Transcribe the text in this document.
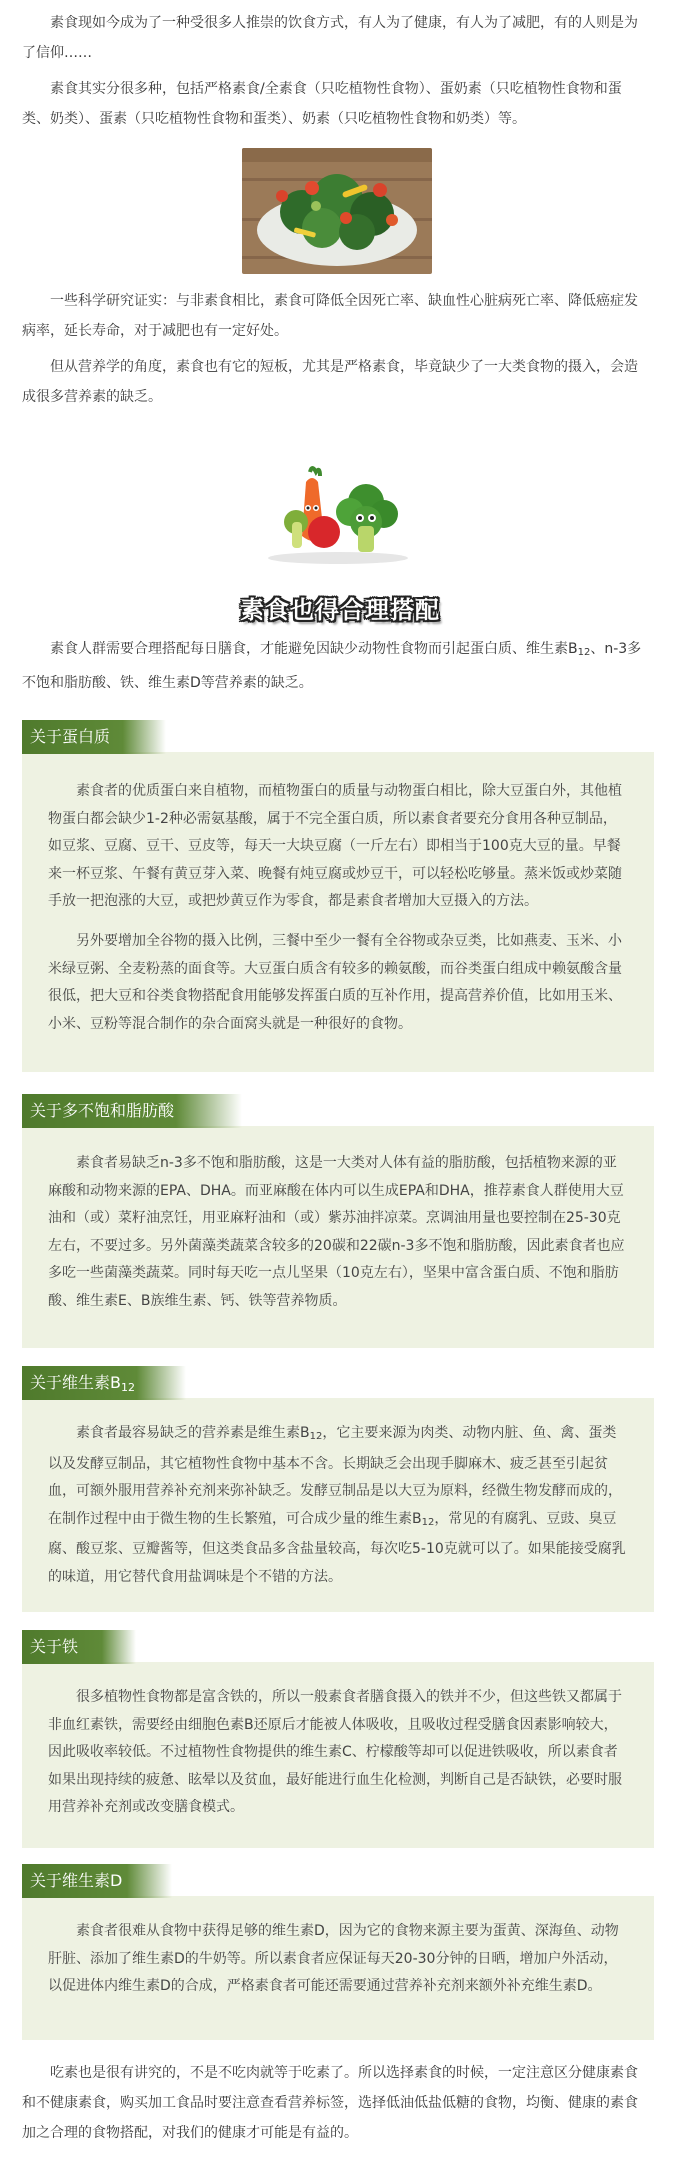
素食现如今成为了一种受很多人推崇的饮食方式，有人为了健康，有人为了减肥，有的人则是为了信仰……

素食其实分很多种，包括严格素食/全素食（只吃植物性食物）、蛋奶素（只吃植物性食物和蛋类、奶类）、蛋素（只吃植物性食物和蛋类）、奶素（只吃植物性食物和奶类）等。

一些科学研究证实：与非素食相比，素食可降低全因死亡率、缺血性心脏病死亡率、降低癌症发病率，延长寿命，对于减肥也有一定好处。

但从营养学的角度，素食也有它的短板，尤其是严格素食，毕竟缺少了一大类食物的摄入，会造成很多营养素的缺乏。

素食也得合理搭配

素食人群需要合理搭配每日膳食，才能避免因缺少动物性食物而引起蛋白质、维生素$B_{12}$、n-3多不饱和脂肪酸、铁、维生素D等营养素的缺乏。

关于蛋白质

素食者的优质蛋白来自植物，而植物蛋白的质量与动物蛋白相比，除大豆蛋白外，其他植物蛋白都会缺少1-2种必需氨基酸，属于不完全蛋白质，所以素食者要充分食用各种豆制品，如豆浆、豆腐、豆干、豆皮等，每天一大块豆腐（一斤左右）即相当于100克大豆的量。早餐来一杯豆浆、午餐有黄豆芽入菜、晚餐有炖豆腐或炒豆干，可以轻松吃够量。蒸米饭或炒菜随手放一把泡涨的大豆，或把炒黄豆作为零食，都是素食者增加大豆摄入的方法。

另外要增加全谷物的摄入比例，三餐中至少一餐有全谷物或杂豆类，比如燕麦、玉米、小米绿豆粥、全麦粉蒸的面食等。大豆蛋白质含有较多的赖氨酸，而谷类蛋白组成中赖氨酸含量很低，把大豆和谷类食物搭配食用能够发挥蛋白质的互补作用，提高营养价值，比如用玉米、小米、豆粉等混合制作的杂合面窝头就是一种很好的食物。

关于多不饱和脂肪酸

素食者易缺乏n-3多不饱和脂肪酸，这是一大类对人体有益的脂肪酸，包括植物来源的亚麻酸和动物来源的EPA、DHA。而亚麻酸在体内可以生成EPA和DHA，推荐素食人群使用大豆油和（或）菜籽油烹饪，用亚麻籽油和（或）紫苏油拌凉菜。烹调油用量也要控制在25-30克左右，不要过多。另外菌藻类蔬菜含较多的20碳和22碳n-3多不饱和脂肪酸，因此素食者也应多吃一些菌藻类蔬菜。同时每天吃一点儿坚果（10克左右），坚果中富含蛋白质、不饱和脂肪酸、维生素E、B族维生素、钙、铁等营养物质。

关于维生素$B_{12}$

素食者最容易缺乏的营养素是维生素$B_{12}$，它主要来源为肉类、动物内脏、鱼、禽、蛋类以及发酵豆制品，其它植物性食物中基本不含。长期缺乏会出现手脚麻木、疲乏甚至引起贫血，可额外服用营养补充剂来弥补缺乏。发酵豆制品是以大豆为原料，经微生物发酵而成的，在制作过程中由于微生物的生长繁殖，可合成少量的维生素$B_{12}$，常见的有腐乳、豆豉、臭豆腐、酸豆浆、豆瓣酱等，但这类食品多含盐量较高，每次吃5-10克就可以了。如果能接受腐乳的味道，用它替代食用盐调味是个不错的方法。

关于铁

很多植物性食物都是富含铁的，所以一般素食者膳食摄入的铁并不少，但这些铁又都属于非血红素铁，需要经由细胞色素B还原后才能被人体吸收，且吸收过程受膳食因素影响较大，因此吸收率较低。不过植物性食物提供的维生素C、柠檬酸等却可以促进铁吸收，所以素食者如果出现持续的疲惫、眩晕以及贫血，最好能进行血生化检测，判断自己是否缺铁，必要时服用营养补充剂或改变膳食模式。

关于维生素D

素食者很难从食物中获得足够的维生素D，因为它的食物来源主要为蛋黄、深海鱼、动物肝脏、添加了维生素D的牛奶等。所以素食者应保证每天20-30分钟的日晒，增加户外活动，以促进体内维生素D的合成，严格素食者可能还需要通过营养补充剂来额外补充维生素D。

吃素也是很有讲究的，不是不吃肉就等于吃素了。所以选择素食的时候，一定注意区分健康素食和不健康素食，购买加工食品时要注意查看营养标签，选择低油低盐低糖的食物，均衡、健康的素食加之合理的食物搭配，对我们的健康才可能是有益的。
